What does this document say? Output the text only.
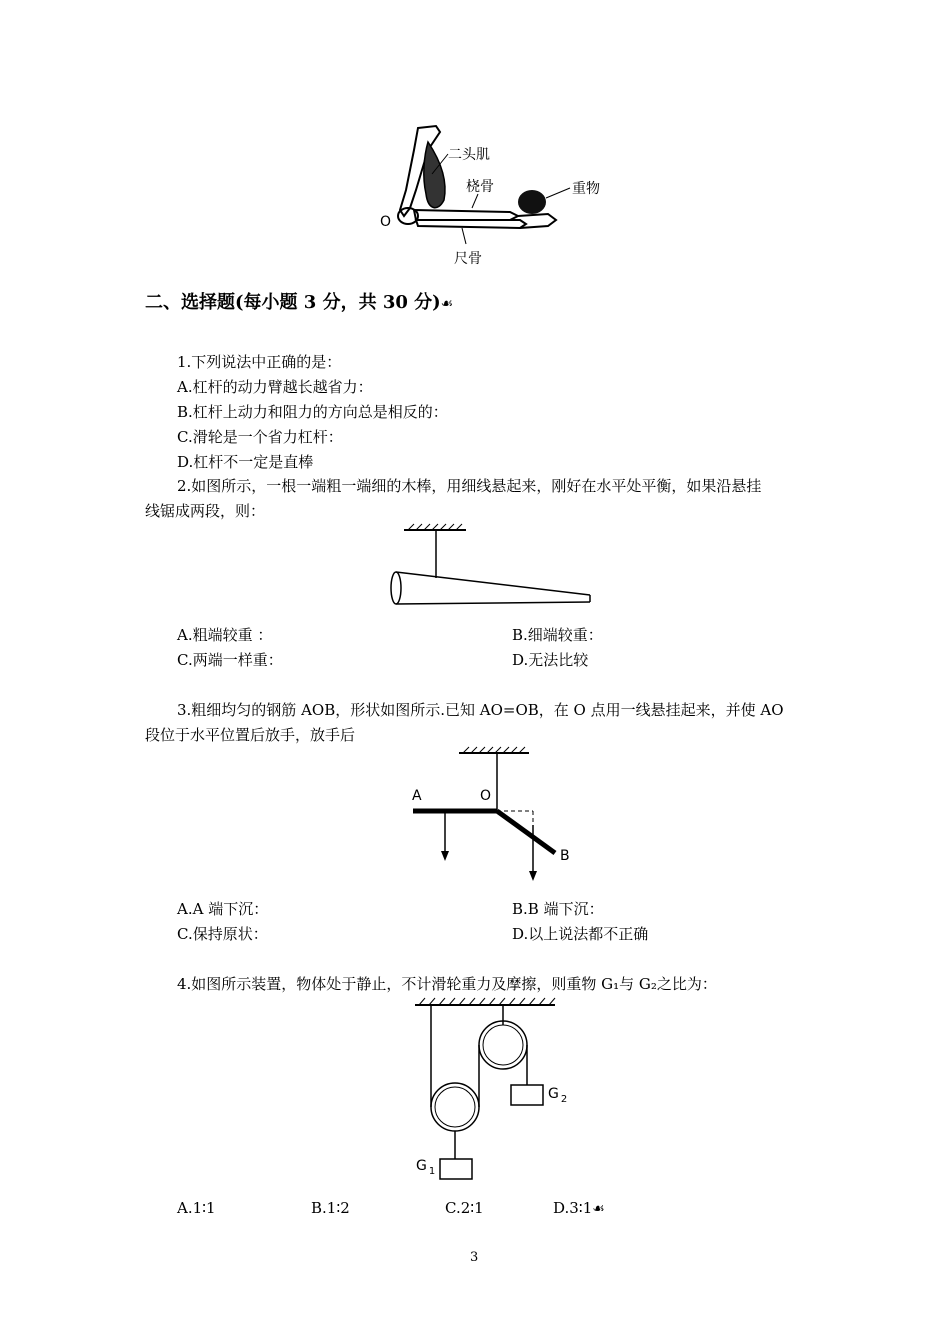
二头肌
桡骨	重物
尺骨
O
二、选择题(每小题 3 分，共 30 分)☙
1.下列说法中正确的是：
A.杠杆的动力臂越长越省力：
B.杠杆上动力和阻力的方向总是相反的：
C.滑轮是一个省力杠杆：
D.杠杆不一定是直棒
2.如图所示，一根一端粗一端细的木棒，用细线悬起来，刚好在水平处平衡，如果沿悬挂
线锯成两段，则：
A.粗端较重 ：	B.细端较重：
C.两端一样重：	D.无法比较
3.粗细均匀的钢筋 AOB，形状如图所示.已知 AO=OB，在 O 点用一线悬挂起来，并使 AO
段位于水平位置后放手，放手后
A	O
B
A.A 端下沉：	B.B 端下沉：
C.保持原状：	D.以上说法都不正确
4.如图所示装置，物体处于静止，不计滑轮重力及摩擦，则重物 G₁与 G₂之比为：
G $_2$
G $_1$
A.1∶1	B.1∶2	C.2∶1	D.3∶1☙
3
